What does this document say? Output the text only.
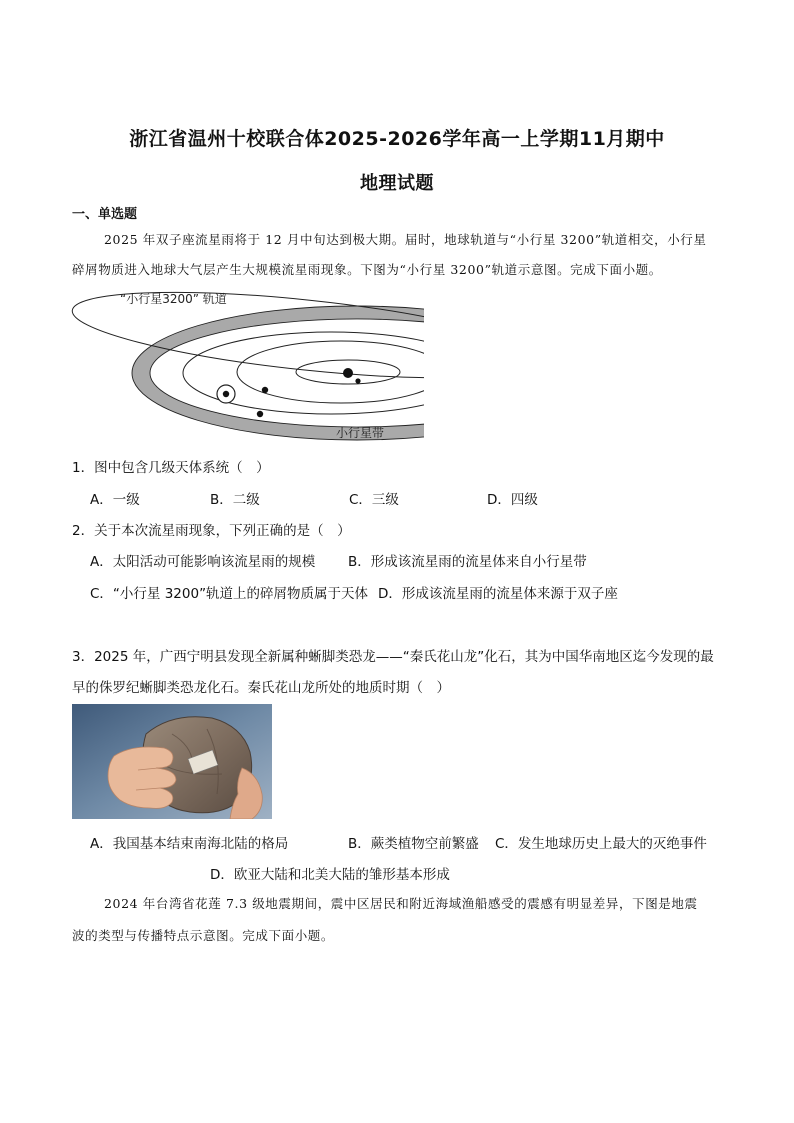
浙江省温州十校联合体2025-2026学年高一上学期11月期中
地理试题
一、单选题
2025 年双子座流星雨将于 12 月中旬达到极大期。届时，地球轨道与“小行星 3200”轨道相交，小行星
碎屑物质进入地球大气层产生大规模流星雨现象。下图为“小行星 3200”轨道示意图。完成下面小题。
“小行星3200” 轨道
小行星带
1．图中包含几级天体系统（　）
A．一级	B．二级	C．三级	D．四级
2．关于本次流星雨现象，下列正确的是（　）
A．太阳活动可能影响该流星雨的规模 B．形成该流星雨的流星体来自小行星带
C．“小行星 3200”轨道上的碎屑物质属于天体 D．形成该流星雨的流星体来源于双子座
3．2025 年，广西宁明县发现全新属种蜥脚类恐龙——“秦氏花山龙”化石，其为中国华南地区迄今发现的最
早的侏罗纪蜥脚类恐龙化石。秦氏花山龙所处的地质时期（　）
A．我国基本结束南海北陆的格局	B．蕨类植物空前繁盛 C．发生地球历史上最大的灭绝事件
D．欧亚大陆和北美大陆的雏形基本形成
2024 年台湾省花莲 7.3 级地震期间，震中区居民和附近海域渔船感受的震感有明显差异，下图是地震
波的类型与传播特点示意图。完成下面小题。
